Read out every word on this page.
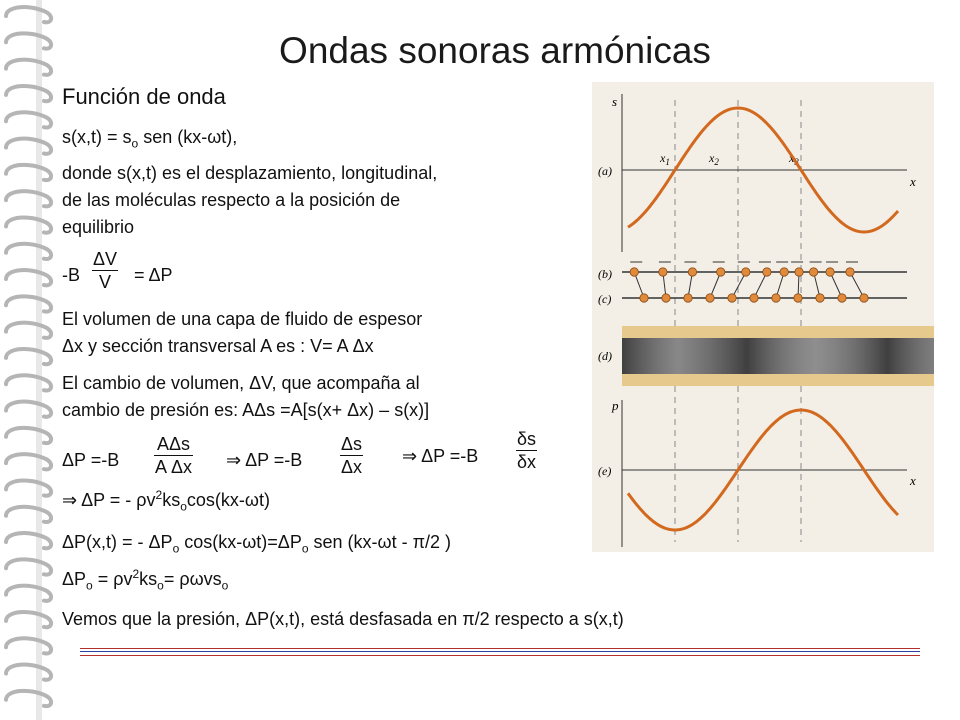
Ondas sonoras armónicas
Función de onda
$s(x,t) = s_o$ sen (kx-ωt),
donde s(x,t) es el desplazamiento, longitudinal,
de las moléculas respecto a la posición de
equilibrio
$-B \frac{\Delta V}{V} = \Delta P$
El volumen de una capa de fluido de espesor
Δx y sección transversal A es : V= A Δx
El cambio de volumen, ΔV, que acompaña al
cambio de presión es: AΔs =A[s(x+ Δx) – s(x)]
ΔP =-B
AΔs
A Δx ⇒ $\Delta P =-B \frac{\Delta s}{\Delta x}$ ⇒ $\Delta P =-B \frac{\delta s}{\delta x}$
⇒ ΔP = - $\rho v^2ks_o\cos(kx-\omega t)$
ΔP(x,t) = - $\Delta P_o$ $\cos(kx-\omega t)=\Delta P_o$ sen (kx-ωt - π/2 )
$\Delta P_o = \rho v^2ks_o= \rho\omega vs_o$
Vemos que la presión, ΔP(x,t), está desfasada en π/2 respecto a s(x,t)
s
x
(a)
$x_1$	$x_2$	$x_3$
(b)
(c)
(d)
p
x
(e)
